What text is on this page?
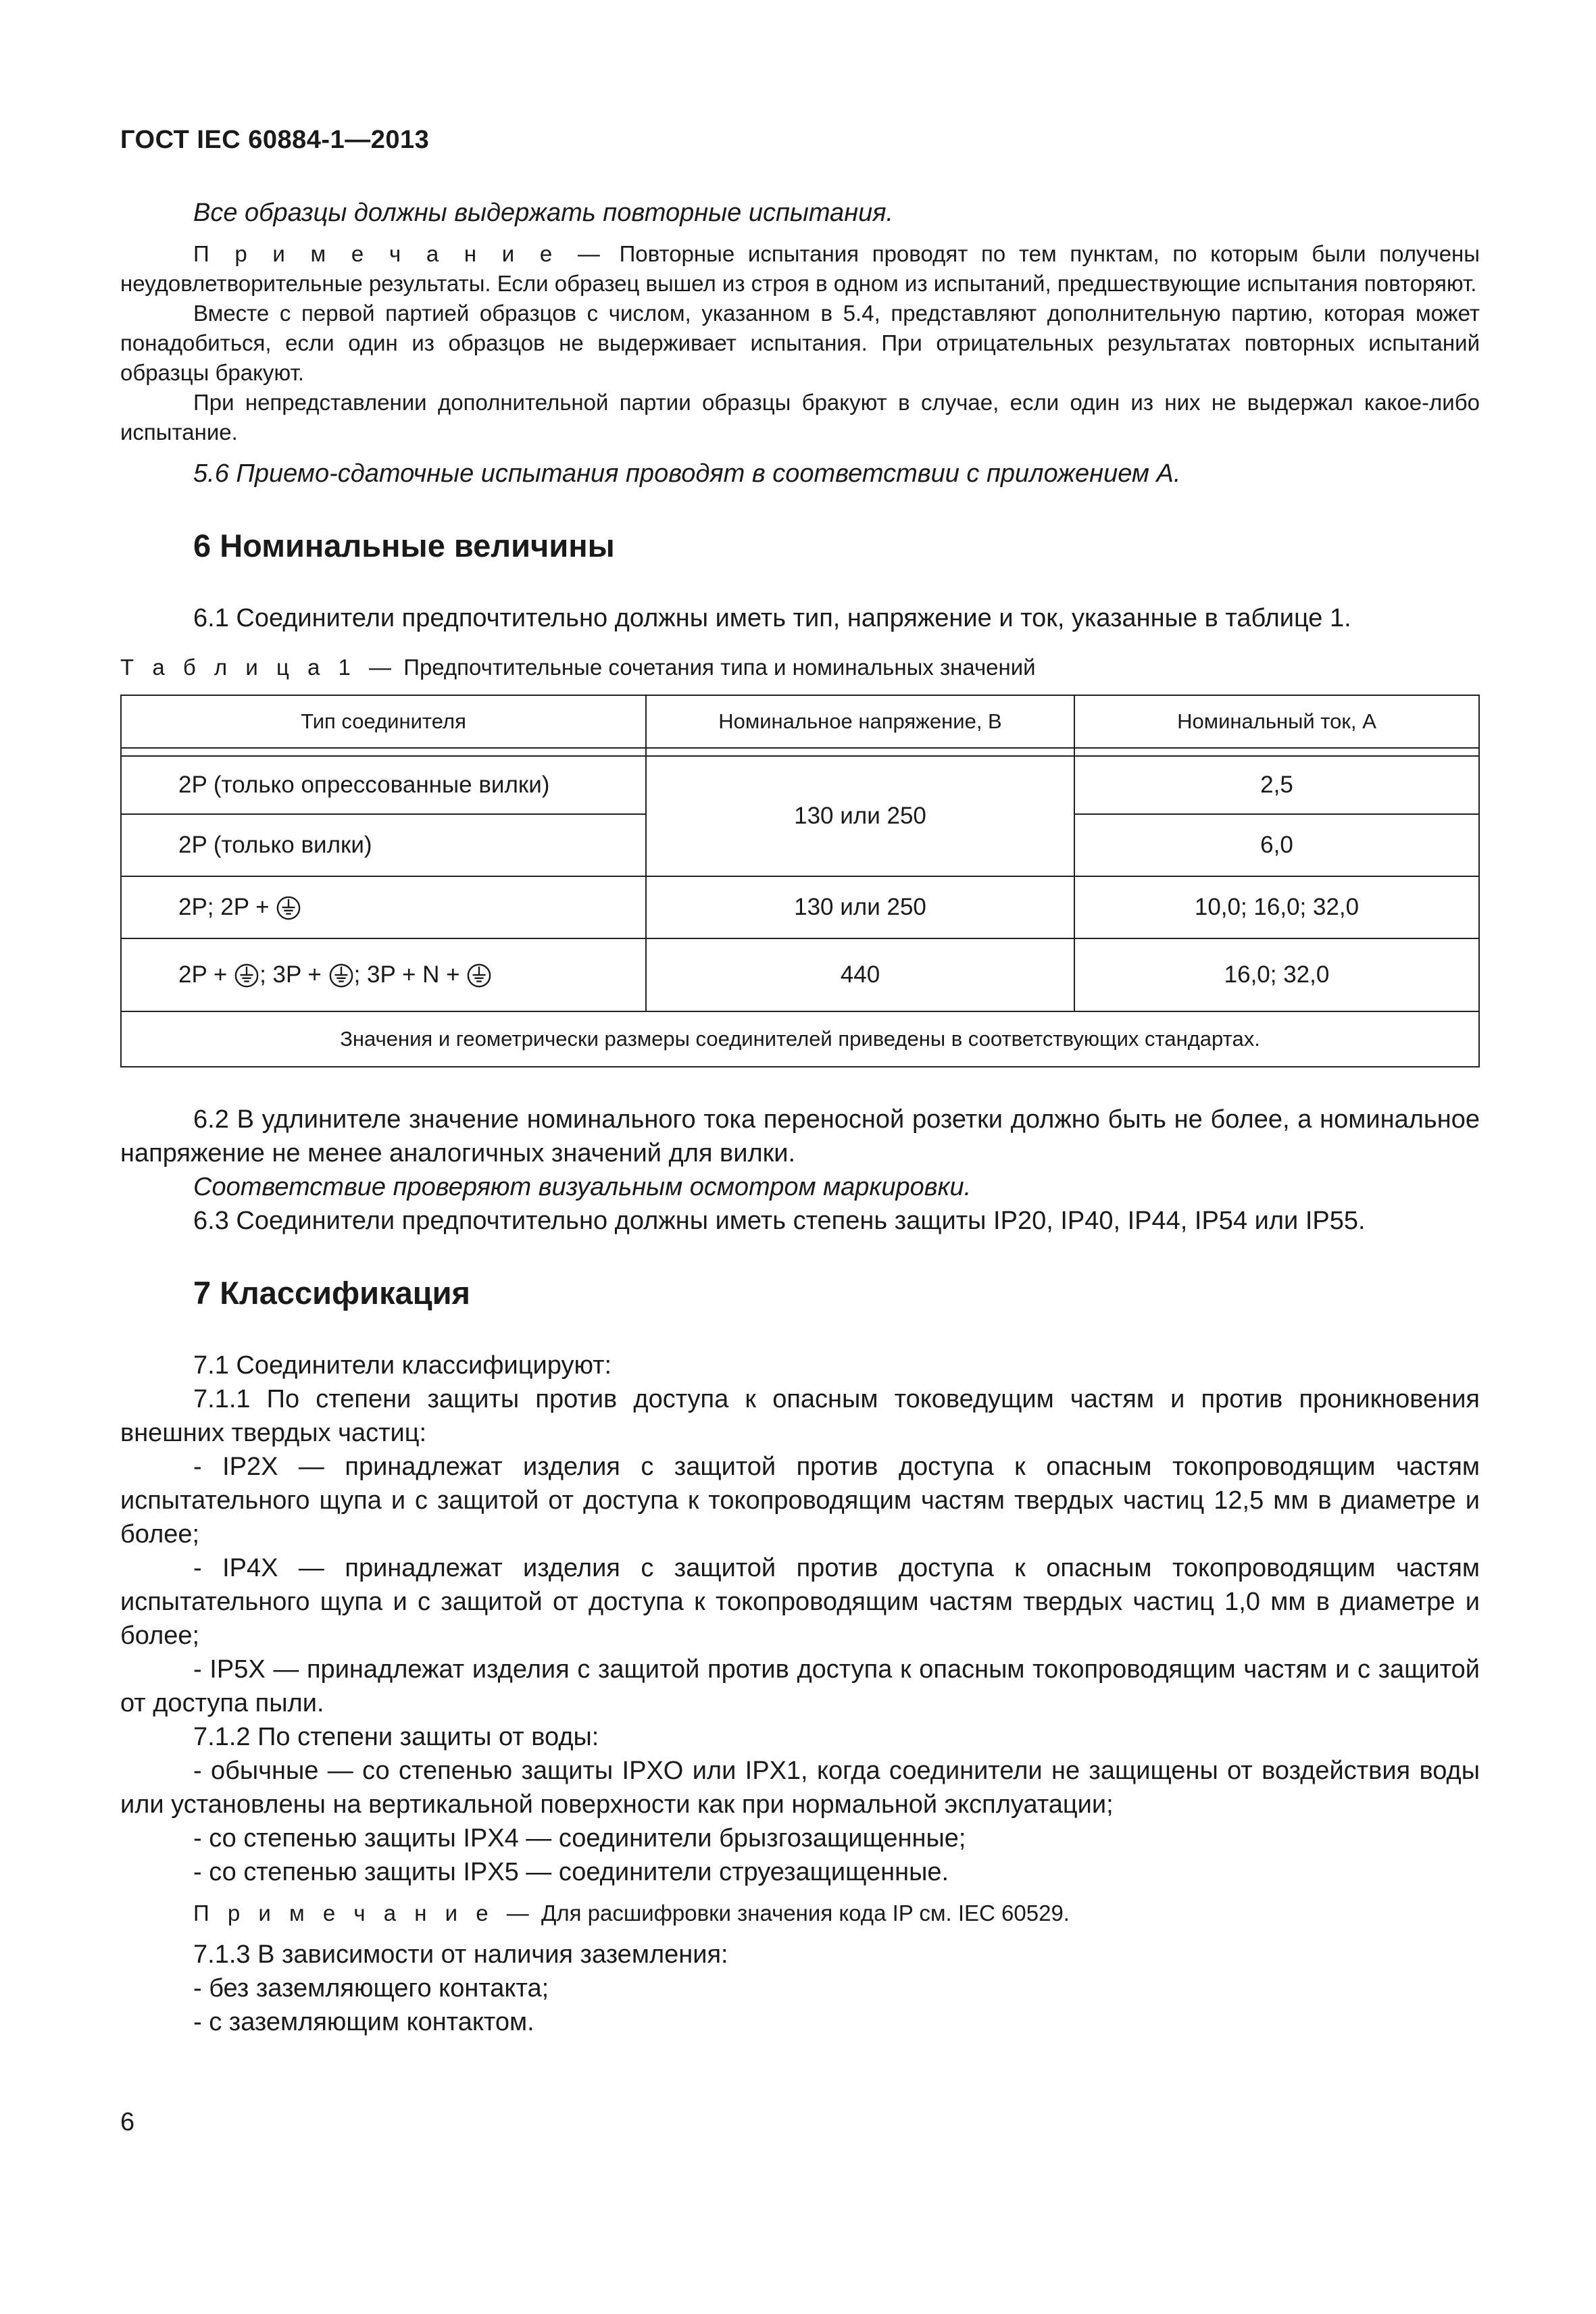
ГОСТ IEC 60884-1—2013

Все образцы должны выдержать повторные испытания.

П р и м е ч а н и е — Повторные испытания проводят по тем пунктам, по которым были получены неудовлетворительные результаты. Если образец вышел из строя в одном из испытаний, предшествующие испытания повторяют.

Вместе с первой партией образцов с числом, указанном в 5.4, представляют дополнительную партию, которая может понадобиться, если один из образцов не выдерживает испытания. При отрицательных результатах повторных испытаний образцы бракуют.

При непредставлении дополнительной партии образцы бракуют в случае, если один из них не выдержал какое-либо испытание.

5.6 Приемо-сдаточные испытания проводят в соответствии с приложением А.

6 Номинальные величины

6.1 Соединители предпочтительно должны иметь тип, напряжение и ток, указанные в таблице 1.

Т а б л и ц а 1 — Предпочтительные сочетания типа и номинальных значений

Тип соединителя	Номинальное напряжение, В	Номинальный ток, А

2P (только опрессованные вилки)	130 или 250	2,5
2P (только вилки)		6,0
2P; 2P +	130 или 250	10,0; 16,0; 32,0
2P + ; 3P + ; 3P + N +	440	16,0; 32,0
Значения и геометрически размеры соединителей приведены в соответствующих стандартах.		

6.2 В удлинителе значение номинального тока переносной розетки должно быть не более, а номинальное напряжение не менее аналогичных значений для вилки.

Соответствие проверяют визуальным осмотром маркировки.

6.3 Соединители предпочтительно должны иметь степень защиты IP20, IP40, IP44, IP54 или IP55.

7 Классификация

7.1 Соединители классифицируют:

7.1.1 По степени защиты против доступа к опасным токоведущим частям и против проникновения внешних твердых частиц:

- IP2X — принадлежат изделия с защитой против доступа к опасным токопроводящим частям испытательного щупа и с защитой от доступа к токопроводящим частям твердых частиц 12,5 мм в диаметре и более;

- IP4X — принадлежат изделия с защитой против доступа к опасным токопроводящим частям испытательного щупа и с защитой от доступа к токопроводящим частям твердых частиц 1,0 мм в диаметре и более;

- IP5X — принадлежат изделия с защитой против доступа к опасным токопроводящим частям и с защитой от доступа пыли.

7.1.2 По степени защиты от воды:

- обычные — со степенью защиты IPXO или IPX1, когда соединители не защищены от воздействия воды или установлены на вертикальной поверхности как при нормальной эксплуатации;

- со степенью защиты IPX4 — соединители брызгозащищенные;

- со степенью защиты IPX5 — соединители струезащищенные.

П р и м е ч а н и е — Для расшифровки значения кода IP см. IEC 60529.

7.1.3 В зависимости от наличия заземления:

- без заземляющего контакта;

- с заземляющим контактом.

6
